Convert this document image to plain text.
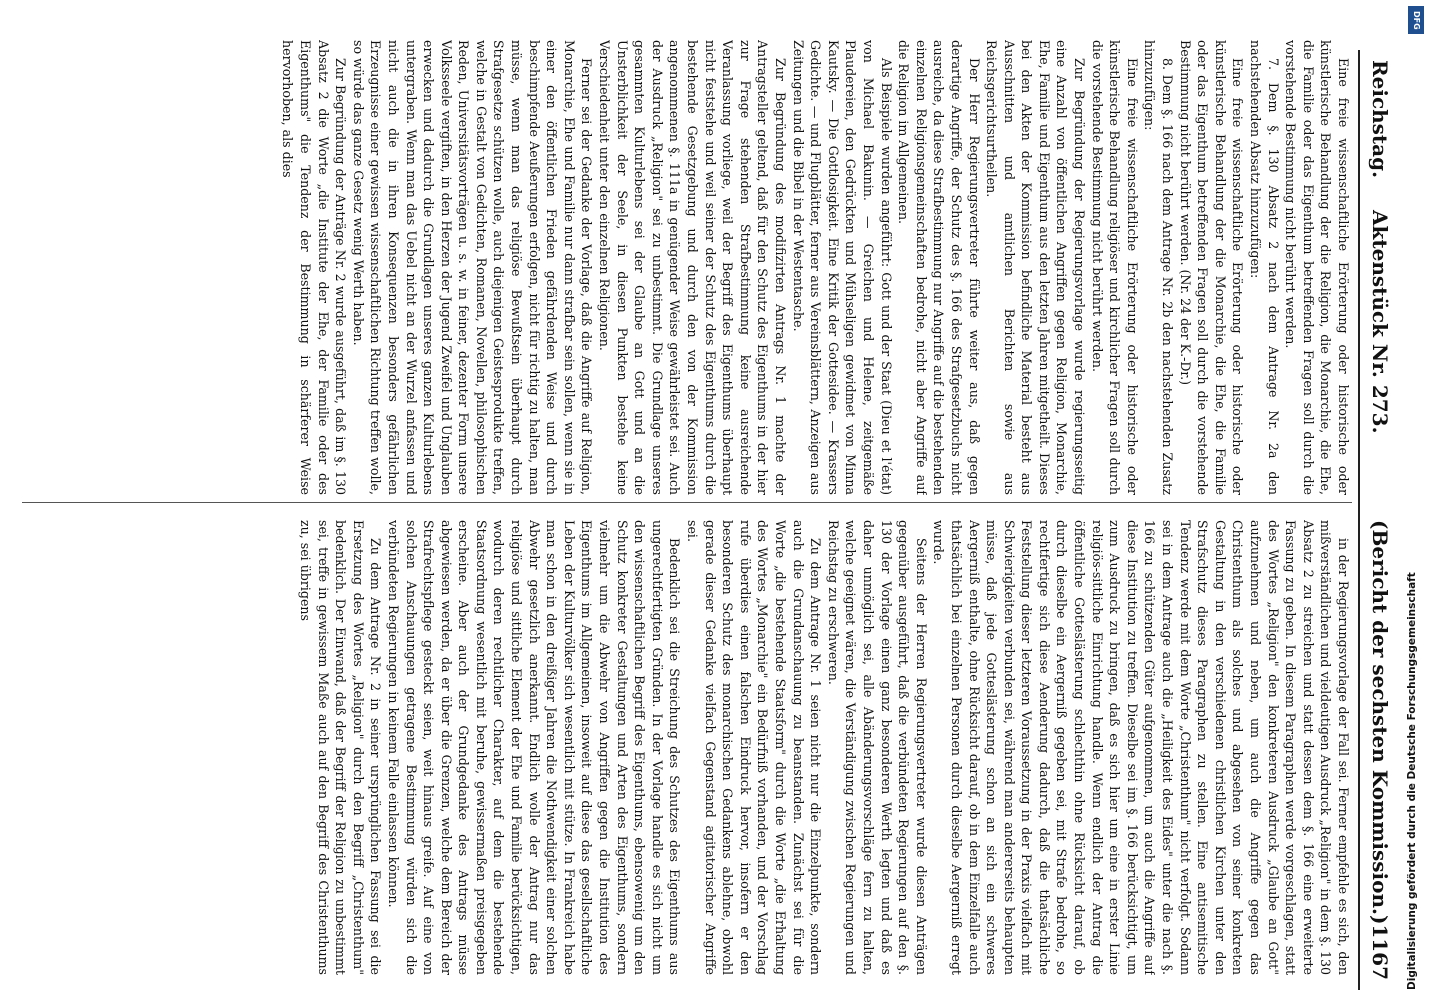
Reichstag.
Aktenstück Nr. 273.
(Bericht der sechsten Kommission.)
1167

Eine freie wissenschaftliche Erörterung oder historische oder künstlerische Behandlung der die Religion, die Monarchie, die Ehe, die Familie oder das Eigenthum betreffenden Fragen soll durch die vorstehende Bestimmung nicht berührt werden.

7. Dem §. 130 Absatz 2 nach dem Antrage Nr. 2a den nachstehenden Absatz hinzuzufügen:

Eine freie wissenschaftliche Erörterung oder historische oder künstlerische Behandlung der die Monarchie, die Ehe, die Familie oder das Eigenthum betreffenden Fragen soll durch die vorstehende Bestimmung nicht berührt werden. (Nr. 24 der K.-Dr.)

8. Dem §. 166 nach dem Antrage Nr. 2b den nachstehenden Zusatz hinzuzufügen:

Eine freie wissenschaftliche Erörterung oder historische oder künstlerische Behandlung religiöser und kirchlicher Fragen soll durch die vorstehende Bestimmung nicht berührt werden.

Zur Begründung der Regierungsvorlage wurde regierungsseitig eine Anzahl von öffentlichen Angriffen gegen Religion, Monarchie, Ehe, Familie und Eigenthum aus den letzten Jahren mitgetheilt. Dieses bei den Akten der Kommission befindliche Material besteht aus Ausschnitten und amtlichen Berichten sowie aus Reichsgerichtsurtheilen.

Der Herr Regierungsvertreter führte weiter aus, daß gegen derartige Angriffe, der Schutz des §. 166 des Strafgesetzbuchs nicht ausreiche, da diese Strafbestimmung nur Angriffe auf die bestehenden einzelnen Religionsgemeinschaften bedrohe, nicht aber Angriffe auf die Religion im Allgemeinen.

Als Beispiele wurden angeführt: Gott und der Staat (Dieu et l'état) von Michael Bakunin. — Greichen und Helene, zeitgemäße Plaudereien, den Gedrückten und Mühseligen gewidmet von Minna Kautsky. — Die Gottlosigkeit. Eine Kritik der Gottesidee. — Krassers Gedichte. — und Flugblätter, ferner aus Vereinsblättern, Anzeigen aus Zeitungen und die Bibel in der Westentasche.

Zur Begründung des modifizirten Antrags Nr. 1 machte der Antragsteller geltend, daß für den Schutz des Eigenthums in der hier zur Frage stehenden Strafbestimmung keine ausreichende Veranlassung vorliege, weil der Begriff des Eigenthums überhaupt nicht feststehe und weil seiner der Schutz des Eigenthums durch die bestehende Gesetzgebung und durch den von der Kommission angenommenen §. 111a in genügender Weise gewährleistet sei. Auch der Ausdruck „Religion" sei zu unbestimmt. Die Grundlage unseres gesammten Kulturlebens sei der Glaube an Gott und an die Unsterblichkeit der Seele, in diesen Punkten bestehe keine Verschiedenheit unter den einzelnen Religionen.

Ferner sei der Gedanke der Vorlage, daß die Angriffe auf Religion, Monarchie, Ehe und Familie nur dann strafbar sein sollen, wenn sie in einer den öffentlichen Frieden gefährdenden Weise und durch beschimpfende Aeußerungen erfolgen, nicht für richtig zu halten, man müsse, wenn man das religiöse Bewußtsein überhaupt durch Strafgesetze schützen wolle, auch diejenigen Geistesprodukte treffen, welche in Gestalt von Gedichten, Romanen, Novellen, philosophischen Reden, Universitätsvorträgen u. s. w. in feiner, dezenter Form unsere Volksseele vergiften, in den Herzen der Jugend Zweifel und Unglauben erwecken und dadurch die Grundlagen unseres ganzen Kulturlebens untergraben. Wenn man das Uebel nicht an der Wurzel anfassen und nicht auch die in ihren Konsequenzen besonders gefährlichen Erzeugnisse einer gewissen wissenschaftlichen Richtung treffen wolle, so würde das ganze Gesetz wenig Werth haben.

Zur Begründung der Anträge Nr. 2 wurde ausgeführt, daß im §. 130 Absatz 2 die Worte „die Institute der Ehe, der Familie oder des Eigenthums" die Tendenz der Bestimmung in schärferer Weise hervorhoben, als dies

in der Regierungsvorlage der Fall sei. Ferner empfehle es sich, den mißverständlichen und vieldeutigen Ausdruck „Religion" in dem §. 130 Absatz 2 zu streichen und statt dessen dem §. 166 eine erweiterte Fassung zu geben. In diesem Paragraphen werde vorgeschlagen, statt des Wortes „Religion" den konkreteren Ausdruck „Glaube an Gott" aufzunehmen und neben, um auch die Angriffe gegen das Christenthum als solches und abgesehen von seiner konkreten Gestaltung in den verschiedenen christlichen Kirchen unter den Strafschutz dieses Paragraphen zu stellen. Eine antisemitische Tendenz werde mit dem Worte „Christenthum" nicht verfolgt. Sodann sei in dem Antrage auch die „Heiligkeit des Eides" unter die nach §. 166 zu schützenden Güter aufgenommen, um auch die Angriffe auf diese Institution zu treffen. Dieselbe sei im §. 166 berücksichtigt, um zum Ausdruck zu bringen, daß es sich hier um eine in erster Linie religiös-sittliche Einrichtung handle. Wenn endlich der Antrag die öffentliche Gotteslästerung schlechthin ohne Rücksicht darauf, ob durch dieselbe ein Aergerniß gegeben sei, mit Strafe bedrohe, so rechtfertige sich diese Aenderung dadurch, daß die thatsächliche Feststellung dieser letzteren Voraussetzung in der Praxis vielfach mit Schwierigkeiten verbunden sei, während man andererseits behaupten müsse, daß jede Gotteslästerung schon an sich ein schweres Aergerniß enthalte, ohne Rücksicht darauf, ob in dem Einzelfalle auch thatsächlich bei einzelnen Personen durch dieselbe Aergerniß erregt wurde.

Seitens der Herren Regierungsvertreter wurde diesen Anträgen gegenüber ausgeführt, daß die verbündeten Regierungen auf den §. 130 der Vorlage einen ganz besonderen Werth legten und daß es daher unmöglich sei, alle Abänderungsvorschläge fern zu halten, welche geeignet wären, die Verständigung zwischen Regierungen und Reichstag zu erschweren.

Zu dem Antrage Nr. 1 seien nicht nur die Einzelpunkte, sondern auch die Grundanschauung zu beanstanden. Zunächst sei für die Worte „die bestehende Staatsform" durch die Worte „die Erhaltung des Wortes „Monarchie" ein Bedürfniß vorhanden, und der Vorschlag rufe überdies einen falschen Eindruck hervor, insofern er den besonderen Schutz des monarchischen Gedankens ablehne, obwohl gerade dieser Gedanke vielfach Gegenstand agitatorischer Angriffe sei.

Bedenklich sei die Streichung des Schutzes des Eigenthums aus ungerechtfertigten Gründen. In der Vorlage handle es sich nicht um den wissenschaftlichen Begriff des Eigenthums, ebensowenig um den Schutz konkreter Gestaltungen und Arten des Eigenthums, sondern vielmehr um die Abwehr von Angriffen gegen die Institution des Eigenthums im Allgemeinen, insoweit auf diese das gesellschaftliche Leben der Kulturvölker sich wesentlich mit stütze. In Frankreich habe man schon in den dreißiger Jahren die Nothwendigkeit einer solchen Abwehr gesetzlich anerkannt. Endlich wolle der Antrag nur das religiöse und sittliche Element der Ehe und Familie berücksichtigen, wodurch deren rechtlicher Charakter, auf dem die bestehende Staatsordnung wesentlich mit beruhe, gewissermaßen preisgegeben erscheine. Aber auch der Grundgedanke des Antrags müsse abgewiesen werden, da er über die Grenzen, welche dem Bereich der Strafrechtspflege gesteckt seien, weit hinaus greife. Auf eine von solchen Anschauungen getragene Bestimmung würden sich die verbündeten Regierungen in keinem Falle einlassen können.

Zu dem Antrage Nr. 2 in seiner ursprünglichen Fassung sei die Ersetzung des Wortes „Religion" durch den Begriff „Christenthum" bedenklich. Der Einwand, daß der Begriff der Religion zu unbestimmt sei, treffe in gewissem Maße auch auf den Begriff des Christenthums zu, sei übrigens

DFG
Digitalisierung gefördert durch die Deutsche Forschungsgemeinschaft
